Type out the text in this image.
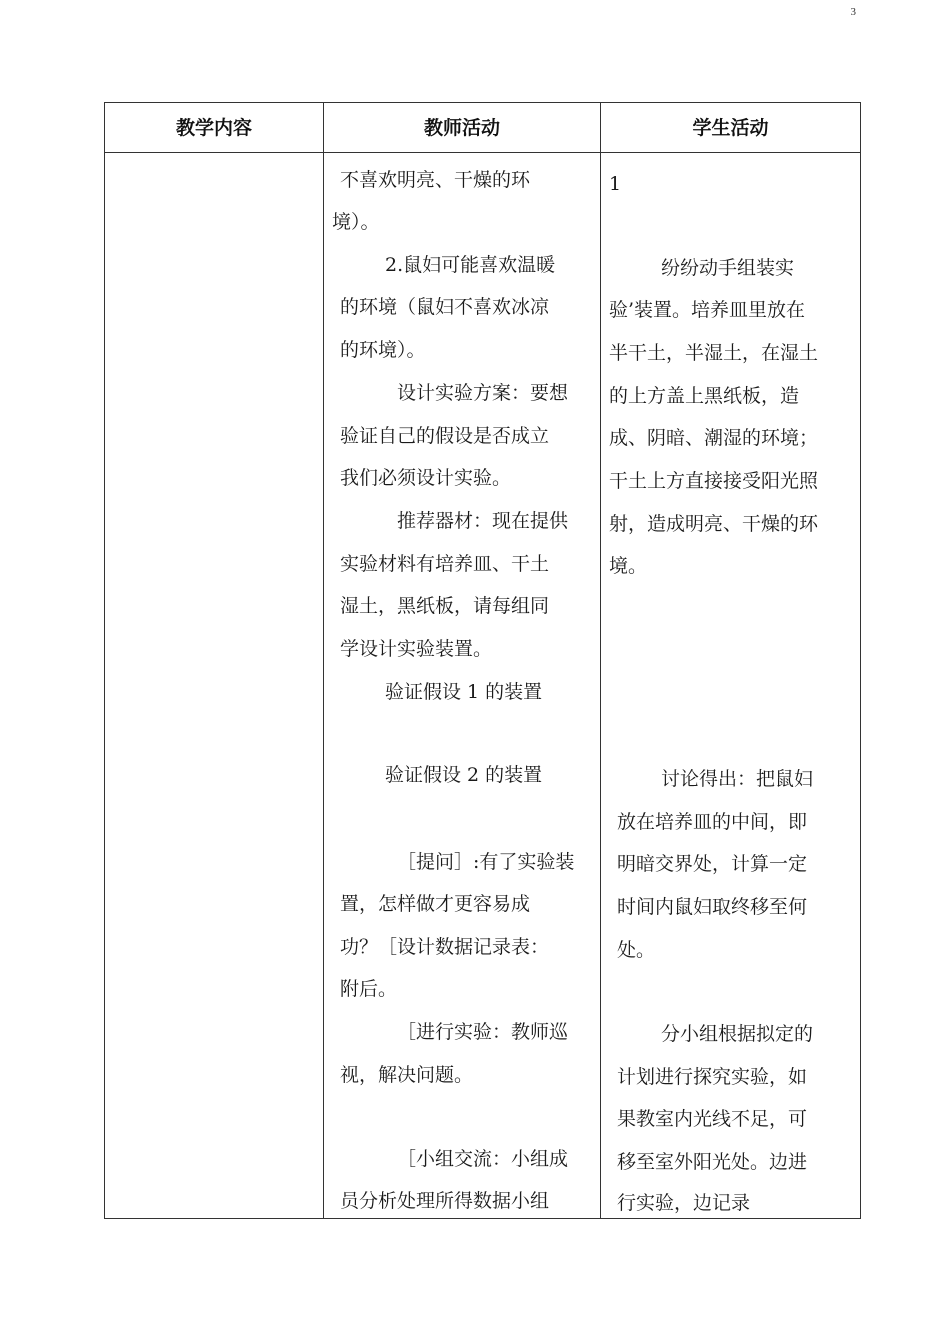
3
教学内容	教师活动	学生活动
不喜欢明亮、干燥的环
境）。
2.鼠妇可能喜欢温暖
的环境（鼠妇不喜欢冰凉
的环境）。
设计实验方案：要想
验证自己的假设是否成立
我们必须设计实验。
推荐器材：现在提供
实验材料有培养皿、干土
湿土，黑纸板，请每组同
学设计实验装置。
验证假设 1 的装置
验证假设 2 的装置
［提问］:有了实验装
置，怎样做才更容易成
功？［设计数据记录表：
附后。
［进行实验：教师巡
视，解决问题。
［小组交流：小组成
员分析处理所得数据小组
1
纷纷动手组装实
验’装置。培养皿里放在
半干土，半湿土，在湿土
的上方盖上黑纸板，造
成、阴暗、潮湿的环境；
干土上方直接接受阳光照
射，造成明亮、干燥的环
境。
讨论得出：把鼠妇
放在培养皿的中间，即
明暗交界处，计算一定
时间内鼠妇取终移至何
处。
分小组根据拟定的
计划进行探究实验，如
果教室内光线不足，可
移至室外阳光处。边进
行实验，边记录
